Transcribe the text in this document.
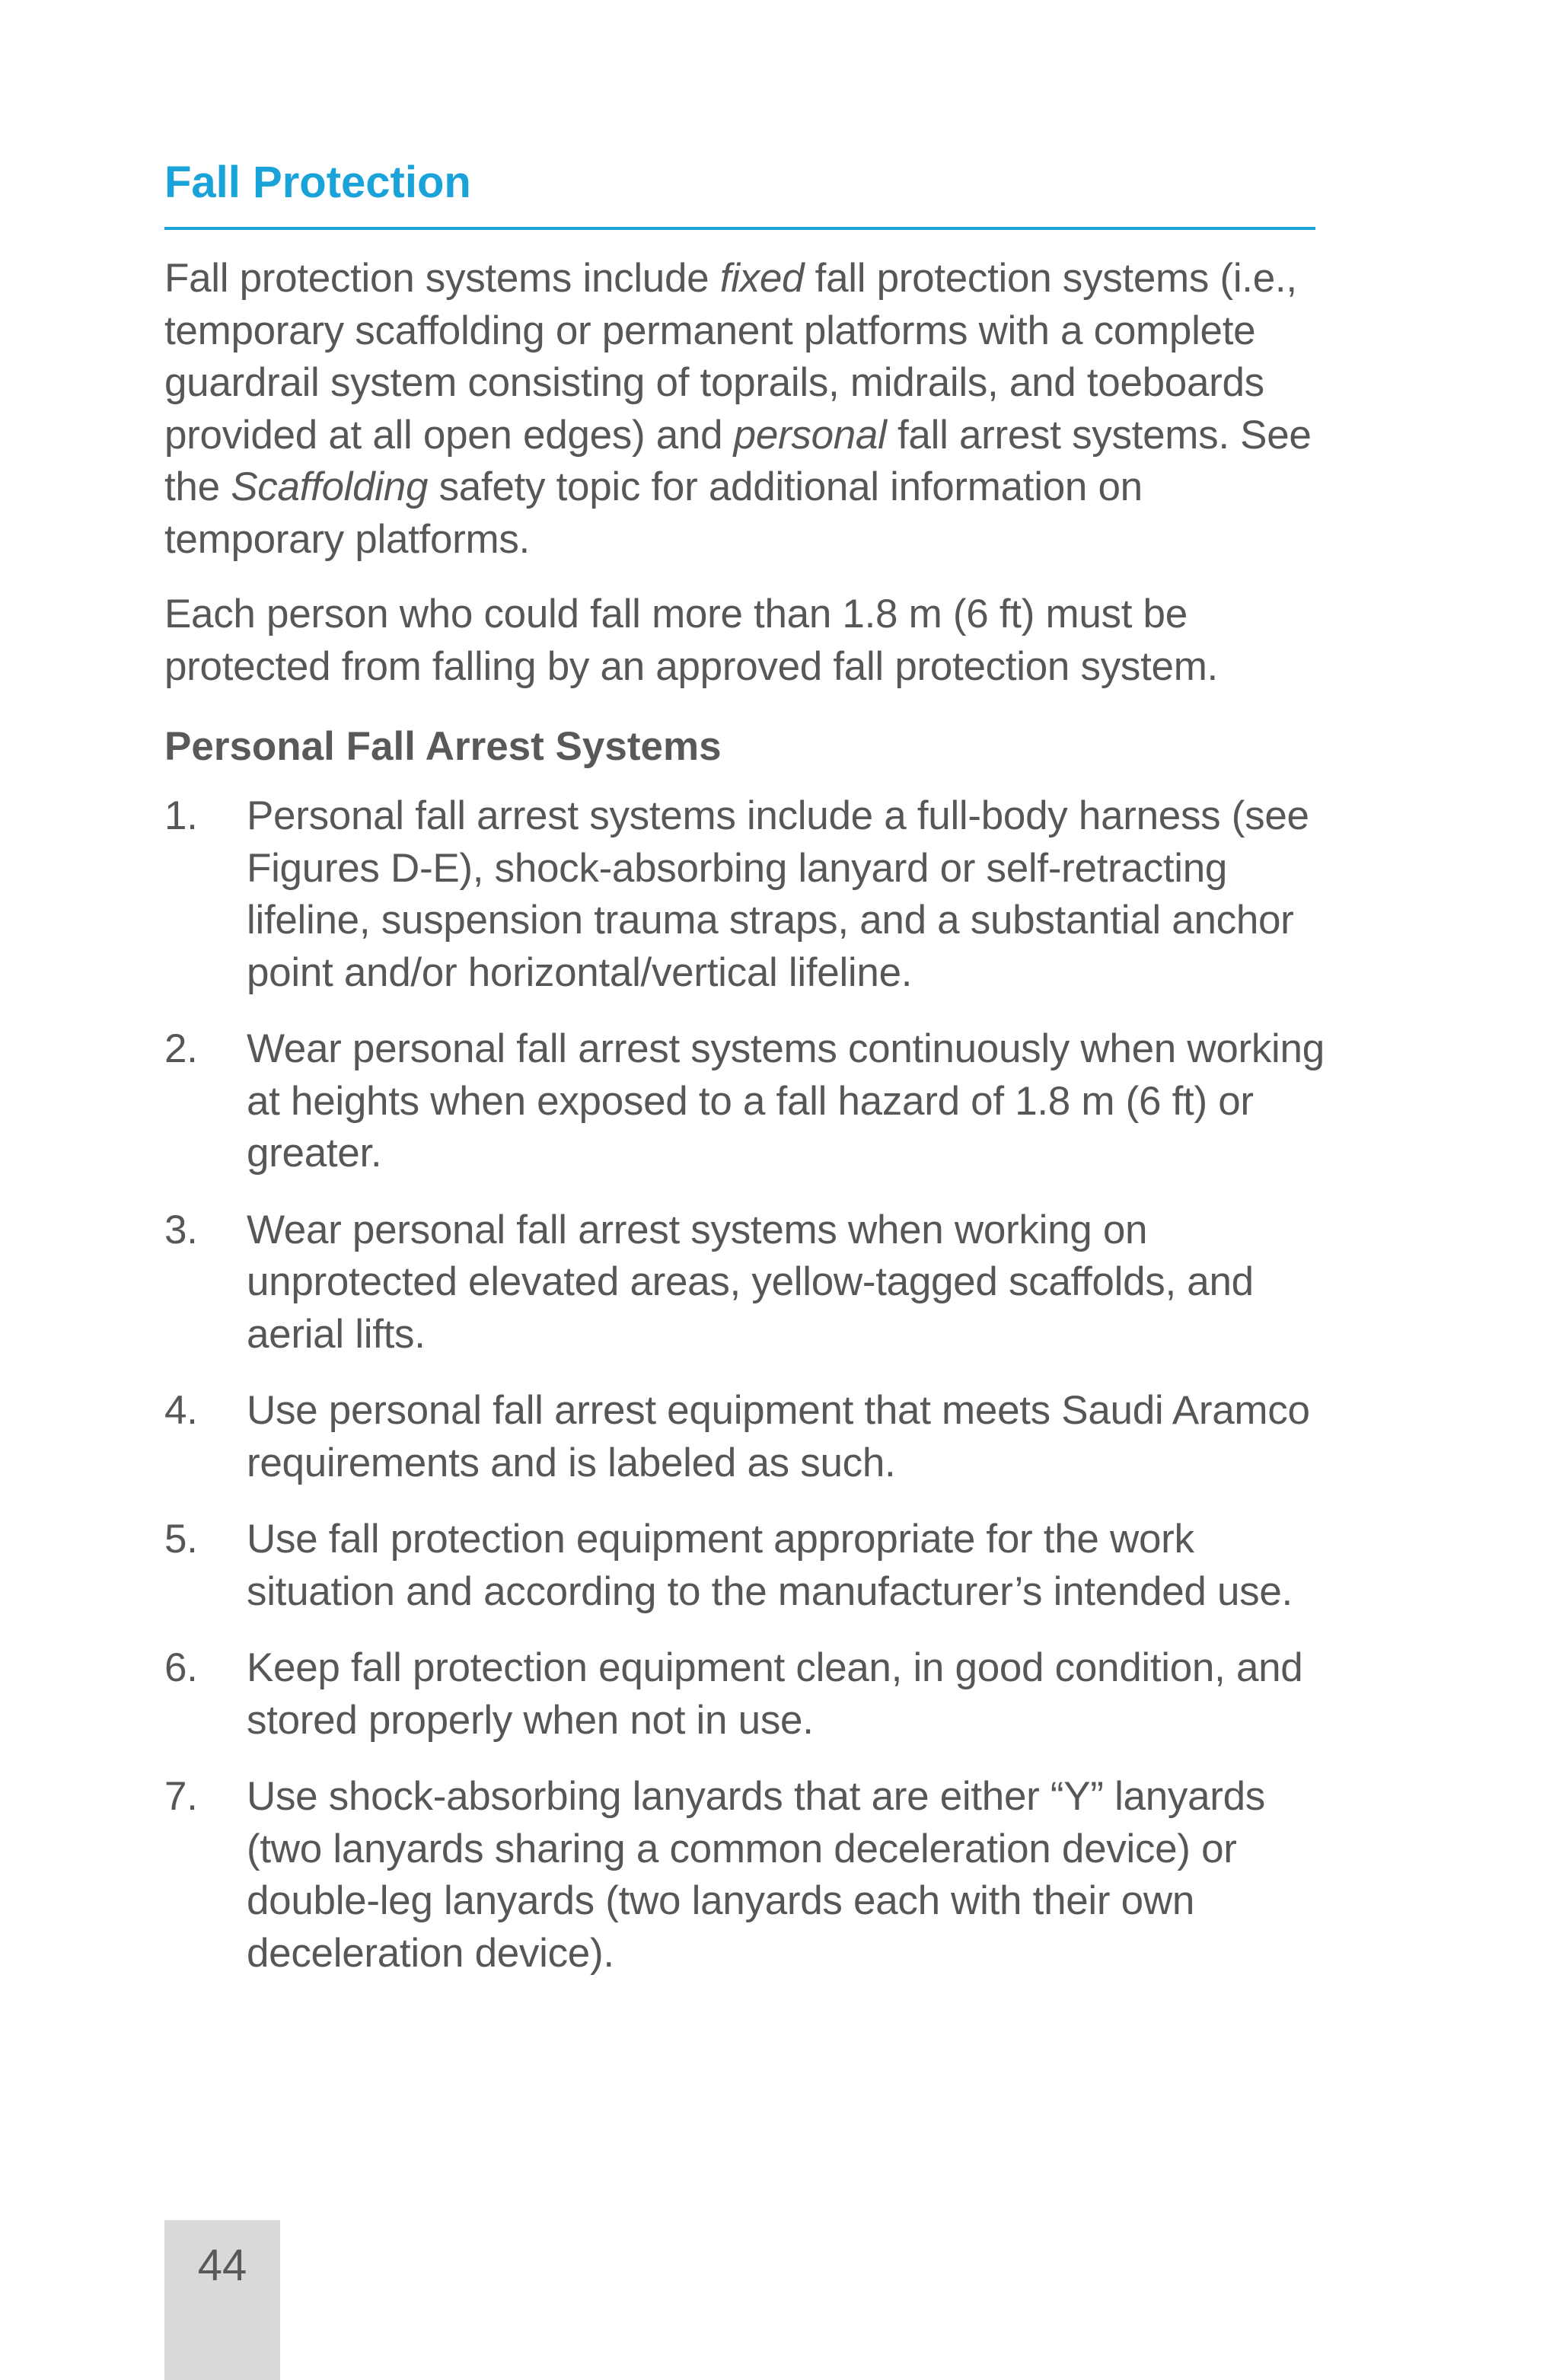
Fall Protection

Fall protection systems include fixed fall protection systems (i.e., temporary scaffolding or permanent platforms with a complete guardrail system consisting of toprails, midrails, and toeboards provided at all open edges) and personal fall arrest systems. See the Scaffolding safety topic for additional information on temporary platforms.

Each person who could fall more than 1.8 m (6 ft) must be protected from falling by an approved fall protection system.

Personal Fall Arrest Systems
1. Personal fall arrest systems include a full-body harness (see Figures D-E), shock-absorbing lanyard or self-retracting lifeline, suspension trauma straps, and a substantial anchor point and/or horizontal/vertical lifeline.
2. Wear personal fall arrest systems continuously when working at heights when exposed to a fall hazard of 1.8 m (6 ft) or greater.
3. Wear personal fall arrest systems when working on unprotected elevated areas, yellow-tagged scaffolds, and aerial lifts.
4. Use personal fall arrest equipment that meets Saudi Aramco requirements and is labeled as such.
5. Use fall protection equipment appropriate for the work situation and according to the manufacturer’s intended use.
6. Keep fall protection equipment clean, in good condition, and stored properly when not in use.
7. Use shock-absorbing lanyards that are either “Y” lanyards (two lanyards sharing a common deceleration device) or double-leg lanyards (two lanyards each with their own deceleration device).
44
